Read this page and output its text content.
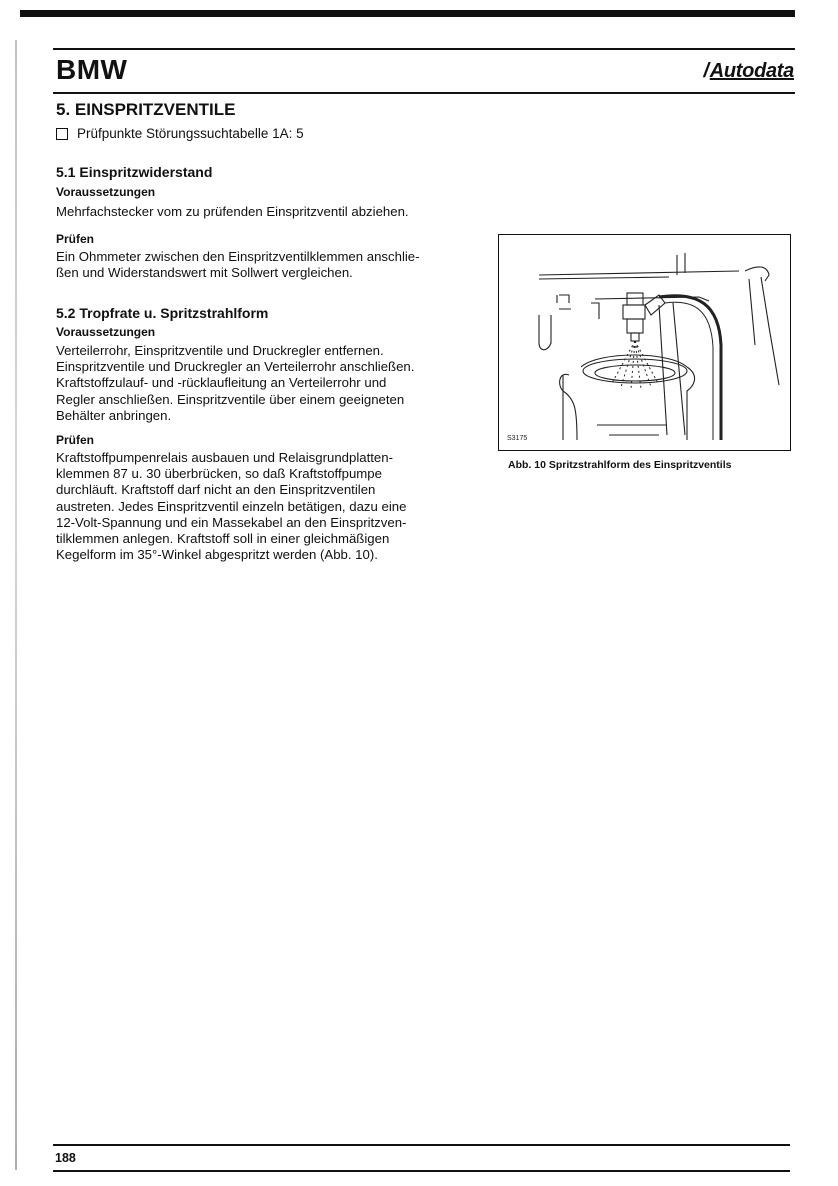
BMW	/Autodata
5. EINSPRITZVENTILE
Prüfpunkte Störungssuchtabelle 1A: 5
5.1 Einspritzwiderstand
Voraussetzungen
Mehrfachstecker vom zu prüfenden Einspritzventil abziehen.
Prüfen
Ein Ohmmeter zwischen den Einspritzventilklemmen anschlie-
ßen und Widerstandswert mit Sollwert vergleichen.
5.2 Tropfrate u. Spritzstrahlform
Voraussetzungen
Verteilerrohr, Einspritzventile und Druckregler entfernen.
Einspritzventile und Druckregler an Verteilerrohr anschließen.
Kraftstoffzulauf- und -rücklaufleitung an Verteilerrohr und
Regler anschließen. Einspritzventile über einem geeigneten
Behälter anbringen.
Prüfen
Kraftstoffpumpenrelais ausbauen und Relaisgrundplatten-
klemmen 87 u. 30 überbrücken, so daß Kraftstoffpumpe
durchläuft. Kraftstoff darf nicht an den Einspritzventilen
austreten. Jedes Einspritzventil einzeln betätigen, dazu eine
12-Volt-Spannung und ein Massekabel an den Einspritzven-
tilklemmen anlegen. Kraftstoff soll in einer gleichmäßigen
Kegelform im 35°-Winkel abgespritzt werden (Abb. 10).
S3175
Abb. 10 Spritzstrahlform des Einspritzventils
188
